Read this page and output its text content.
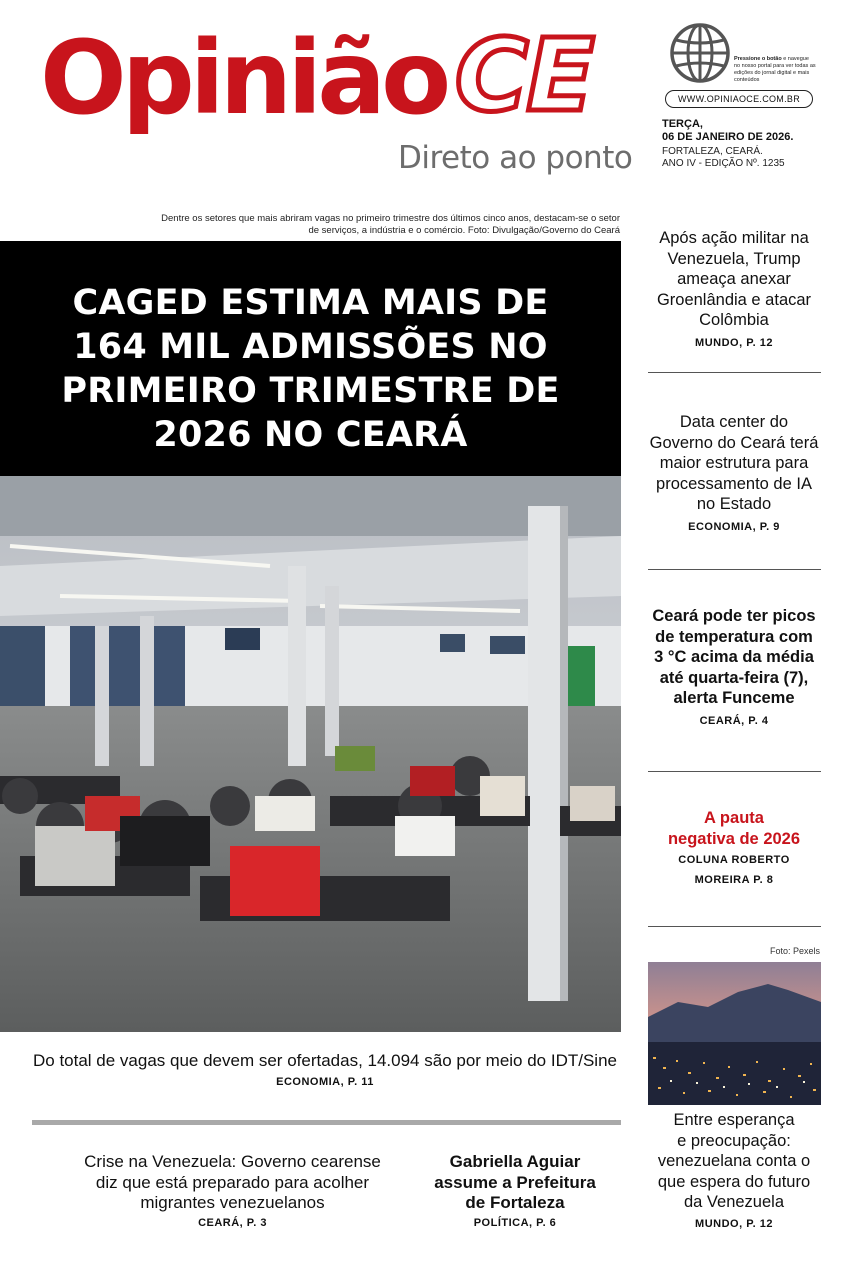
Opinião CE
Direto ao ponto
Pressione o botão e navegue no nosso portal para ver todas as edições do jornal digital e mais conteúdos
WWW.OPINIAOCE.COM.BR
TERÇA,
06 DE JANEIRO DE 2026.
FORTALEZA, CEARÁ.
ANO IV - EDIÇÃO Nº. 1235
Dentre os setores que mais abriram vagas no primeiro trimestre dos últimos cinco anos, destacam-se o setor
de serviços, a indústria e o comércio. Foto: Divulgação/Governo do Ceará
CAGED ESTIMA MAIS DE
164 MIL ADMISSÕES NO
PRIMEIRO TRIMESTRE DE
2026 NO CEARÁ
Do total de vagas que devem ser ofertadas, 14.094 são por meio do IDT/Sine
ECONOMIA, P. 11
Crise na Venezuela: Governo cearense
diz que está preparado para acolher
migrantes venezuelanos
CEARÁ, P. 3
Gabriella Aguiar
assume a Prefeitura
de Fortaleza
POLÍTICA, P. 6
Após ação militar na
Venezuela, Trump
ameaça anexar
Groenlândia e atacar
Colômbia
MUNDO, P. 12
Data center do
Governo do Ceará terá
maior estrutura para
processamento de IA
no Estado
ECONOMIA, P. 9
Ceará pode ter picos
de temperatura com
3 °C acima da média
até quarta-feira (7),
alerta Funceme
CEARÁ, P. 4
A pauta
negativa de 2026
COLUNA ROBERTO
MOREIRA P. 8
Foto: Pexels
Entre esperança
e preocupação:
venezuelana conta o
que espera do futuro
da Venezuela
MUNDO, P. 12
